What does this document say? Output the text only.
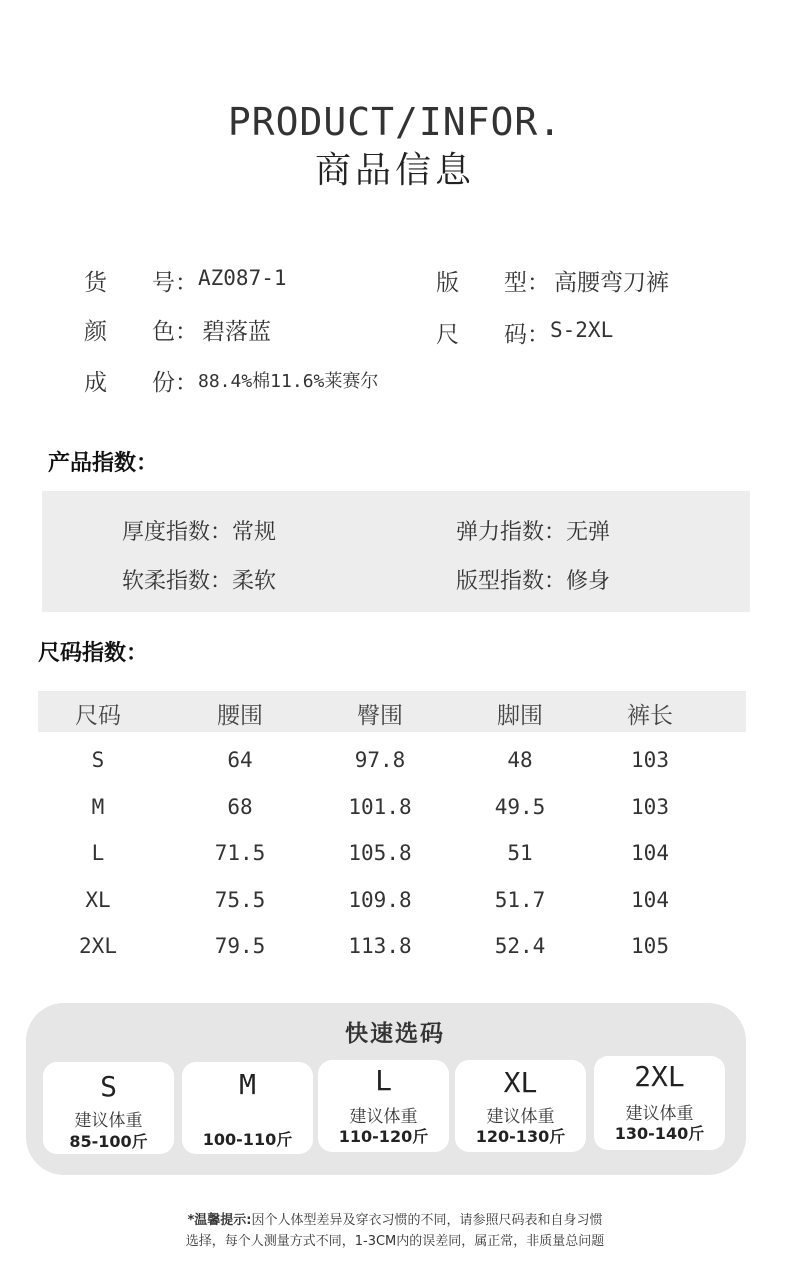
PRODUCT/INFOR.
商品信息
货 号： AZ087-1	版 型： 高腰弯刀裤
颜 色： 碧落蓝	尺 码： S-2XL
成 份： 88.4%棉11.6%莱赛尔
产品指数：
厚度指数：常规	弹力指数：无弹
软柔指数：柔软	版型指数：修身
尺码指数：
尺码	腰围	臀围	脚围	裤长
S	64	97.8	48	103
M	68	101.8	49.5	103
L	71.5	105.8	51	104
XL	75.5	109.8	51.7	104
2XL	79.5	113.8	52.4	105
快速选码
S
建议体重
85-100斤
M
100-110斤
L
建议体重
110-120斤
XL
建议体重
120-130斤
2XL
建议体重
130-140斤
*温馨提示:因个人体型差异及穿衣习惯的不同，请参照尺码表和自身习惯
选择，每个人测量方式不同，1-3CM内的误差同，属正常，非质量总问题
